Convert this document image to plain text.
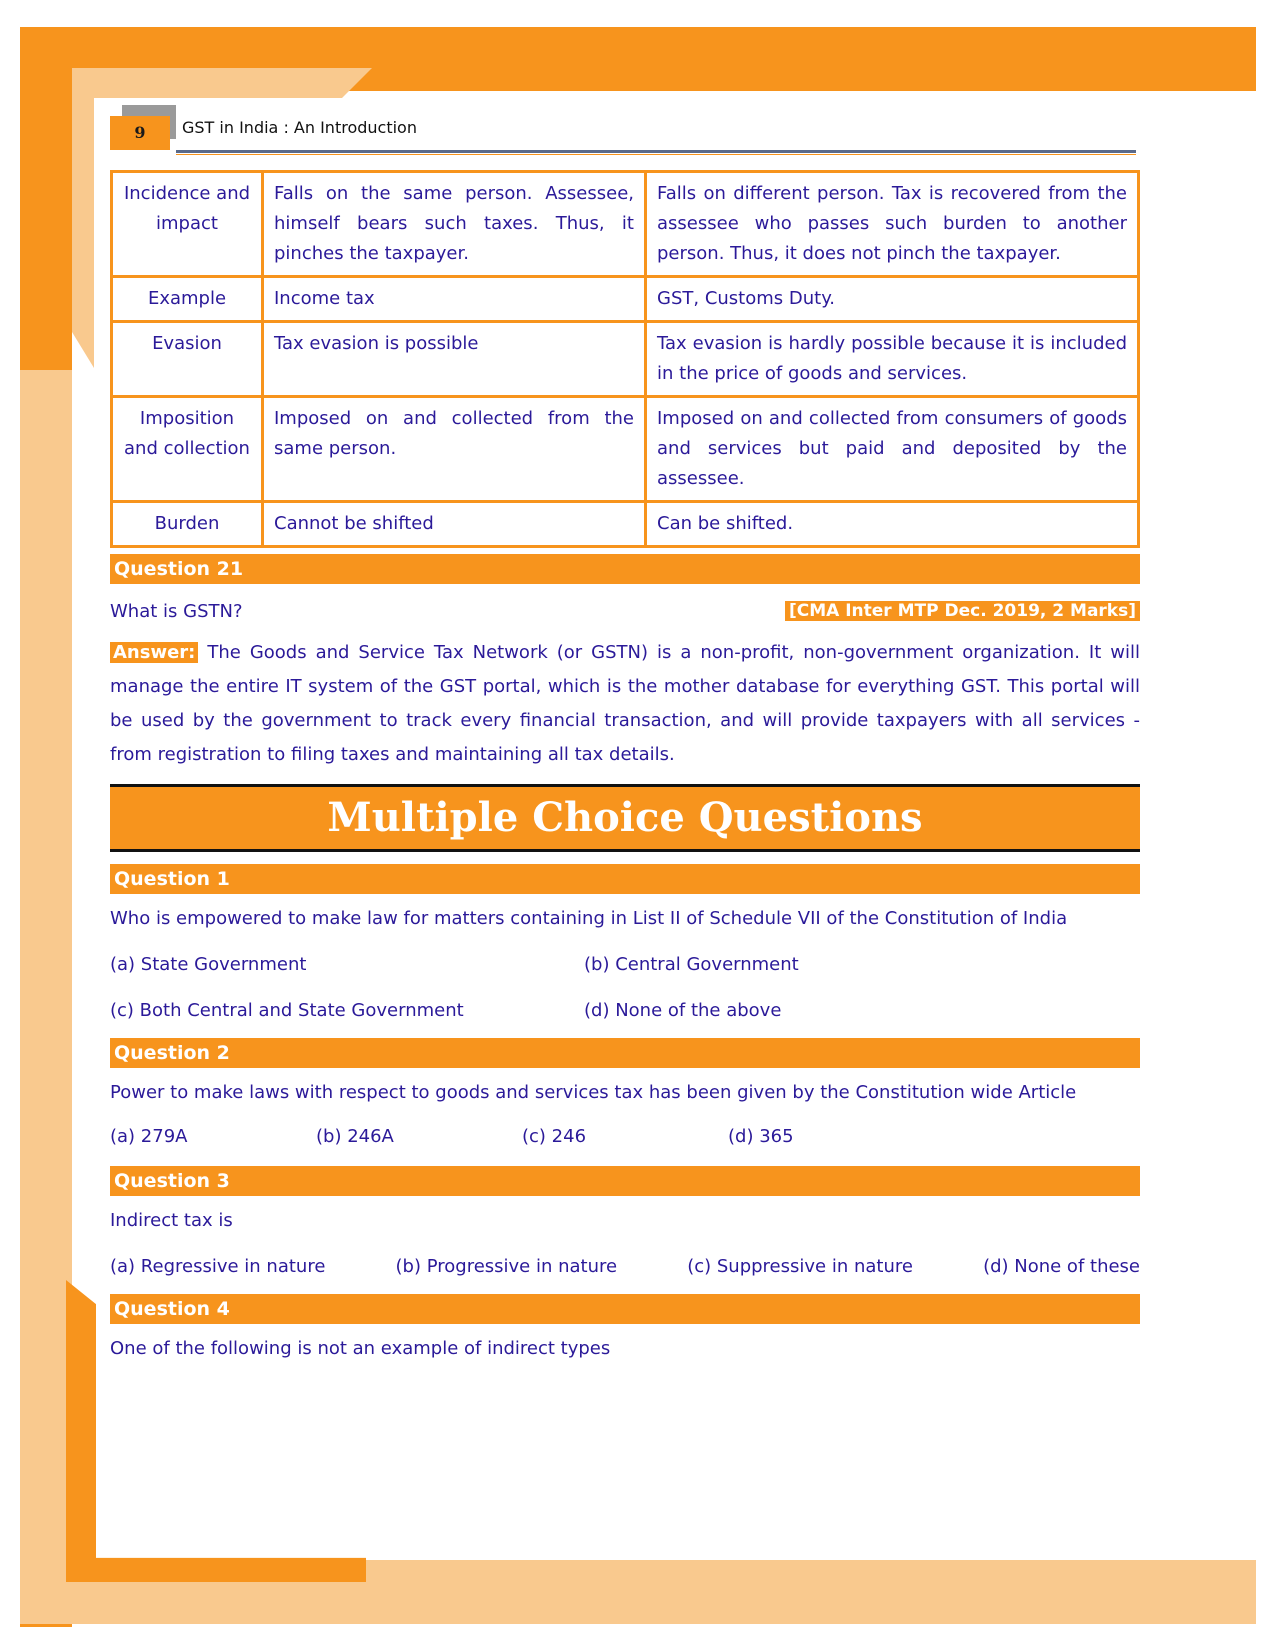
9	GST in India : An Introduction
Incidence and impact	Falls on the same person. Assessee, himself bears such taxes. Thus, it pinches the taxpayer.	Falls on different person. Tax is recovered from the assessee who passes such burden to another person. Thus, it does not pinch the taxpayer.
Example	Income tax	GST, Customs Duty.
Evasion	Tax evasion is possible	Tax evasion is hardly possible because it is included in the price of goods and services.
Imposition and collection	Imposed on and collected from the same person.	Imposed on and collected from consumers of goods and services but paid and deposited by the assessee.
Burden	Cannot be shifted	Can be shifted.
Question 21
What is GSTN?	[CMA Inter MTP Dec. 2019, 2 Marks]

Answer: The Goods and Service Tax Network (or GSTN) is a non-profit, non-government organization. It will manage the entire IT system of the GST portal, which is the mother database for everything GST. This portal will be used by the government to track every financial transaction, and will provide taxpayers with all services - from registration to filing taxes and maintaining all tax details.

Multiple Choice Questions
Question 1

Who is empowered to make law for matters containing in List II of Schedule VII of the Constitution of India

(a) State Government	(b) Central Government
(c) Both Central and State Government	(d) None of the above
Question 2

Power to make laws with respect to goods and services tax has been given by the Constitution wide Article

(a) 279A	(b) 246A	(c) 246	(d) 365
Question 3

Indirect tax is

(a) Regressive in nature	(b) Progressive in nature	(c) Suppressive in nature	(d) None of these
Question 4

One of the following is not an example of indirect types
